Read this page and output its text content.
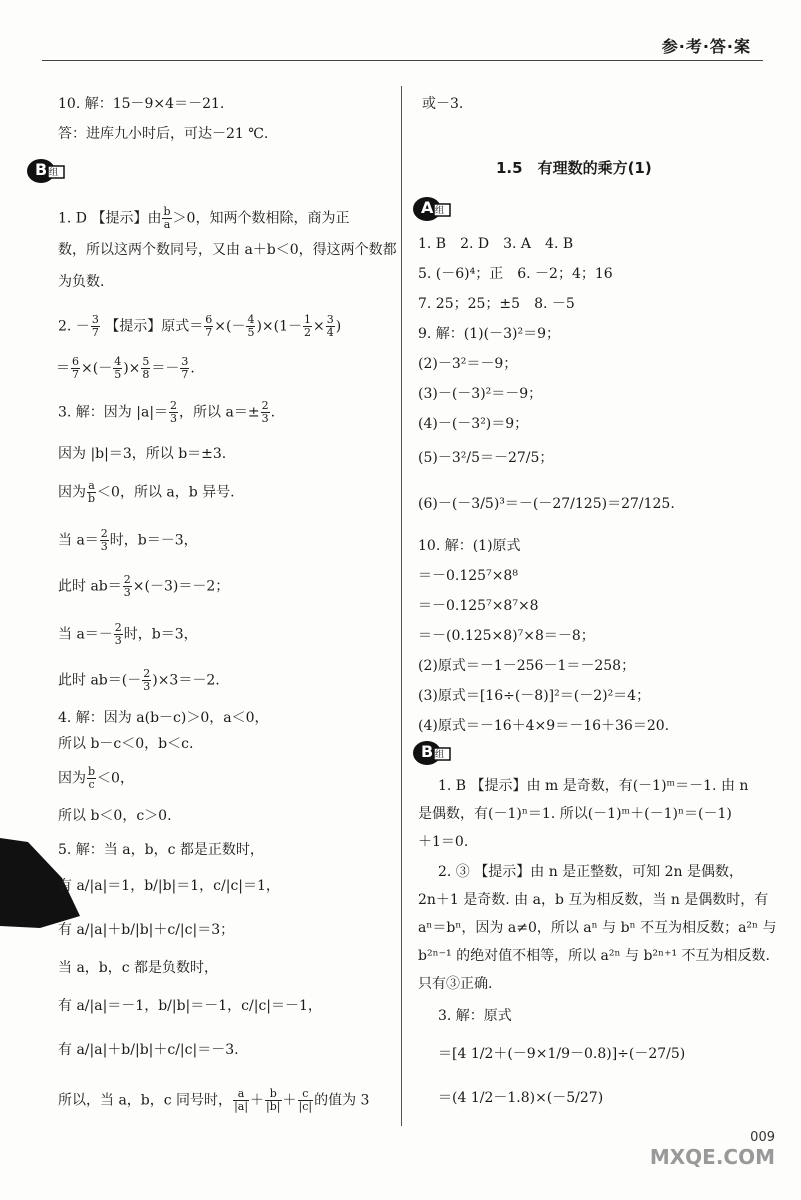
参·考·答·案
10. 解：15－9×4＝－21.
答：进库九小时后，可达－21 ℃.
B 组
1. D 【提示】由 $\frac{b}{a} >0$，知两个数相除，商为正
数，所以这两个数同号，又由 a＋b＜0，得这两个数都
为负数.
2. － $\frac{3}{7}$ 【提示】原式＝ $\frac{6}{7}$ ×(－ $\frac{4}{5} )\times(1- \frac{1}{2} \times \frac{3}{4}$ )
＝ $\frac{6}{7}$ ×(－ $\frac{4}{5}$ )× $\frac{5}{8} =- \frac{3}{7}$ .
3. 解：因为 $|a|= \frac{2}{3}$ ，所以 $a=\pm \frac{2}{3}$ .
因为 |b|＝3，所以 b＝±3.
因为 $\frac{a}{b} <0$，所以 a，b 异号.
当 $a= \frac{2}{3}$ 时，b＝－3，
此时 $ab= \frac{2}{3} \times(-3)=-2$；
当 $a=- \frac{2}{3}$ 时，b＝3，
此时 $ab=(- \frac{2}{3} )\times 3=-2$.
4. 解：因为 a(b－c)＞0，a＜0，
所以 b－c＜0，b＜c.
因为 $\frac{b}{c} <0$，
所以 b＜0，c＞0.
5. 解：当 a，b，c 都是正数时，
有 a/|a|＝1，b/|b|＝1，c/|c|＝1，
有 a/|a|＋b/|b|＋c/|c|＝3；
当 a，b，c 都是负数时，
有 a/|a|＝－1，b/|b|＝－1，c/|c|＝－1，
有 a/|a|＋b/|b|＋c/|c|＝－3.
所以，当 a，b，c 同号时， $\frac{a}{|a|} + \frac{b}{|b|} + \frac{c}{|c|}$ 的值为 3
或－3.
1.5　有理数的乘方(1)
A 组
1. B　2. D　3. A　4. B
5. (－6)⁴；正　6. －2；4；16
7. 25；25；±5　8. －5
9. 解：(1)(－3)²＝9；
(2)－3²＝－9；
(3)－(－3)²＝－9；
(4)－(－3²)＝9；
(5)－3²/5＝－27/5；
(6)－(－3/5)³＝－(－27/125)＝27/125.
10. 解：(1)原式
＝－0.125⁷×8⁸
＝－0.125⁷×8⁷×8
＝－(0.125×8)⁷×8＝－8；
(2)原式＝－1－256－1＝－258；
(3)原式＝[16÷(－8)]²＝(－2)²＝4；
(4)原式＝－16＋4×9＝－16＋36＝20.
B 组
1. B 【提示】由 m 是奇数，有(－1)ᵐ＝－1. 由 n
是偶数，有(－1)ⁿ＝1. 所以(－1)ᵐ＋(－1)ⁿ＝(－1)
＋1＝0.
2. ③ 【提示】由 n 是正整数，可知 2n 是偶数，
2n＋1 是奇数. 由 a，b 互为相反数，当 n 是偶数时，有
aⁿ＝bⁿ，因为 a≠0，所以 aⁿ 与 bⁿ 不互为相反数；a²ⁿ 与
b²ⁿ⁻¹ 的绝对值不相等，所以 a²ⁿ 与 b²ⁿ⁺¹ 不互为相反数.
只有③正确.
3. 解：原式
＝[4 1/2＋(－9×1/9－0.8)]÷(－27/5)
＝(4 1/2－1.8)×(－5/27)
009
MXQE.COM
